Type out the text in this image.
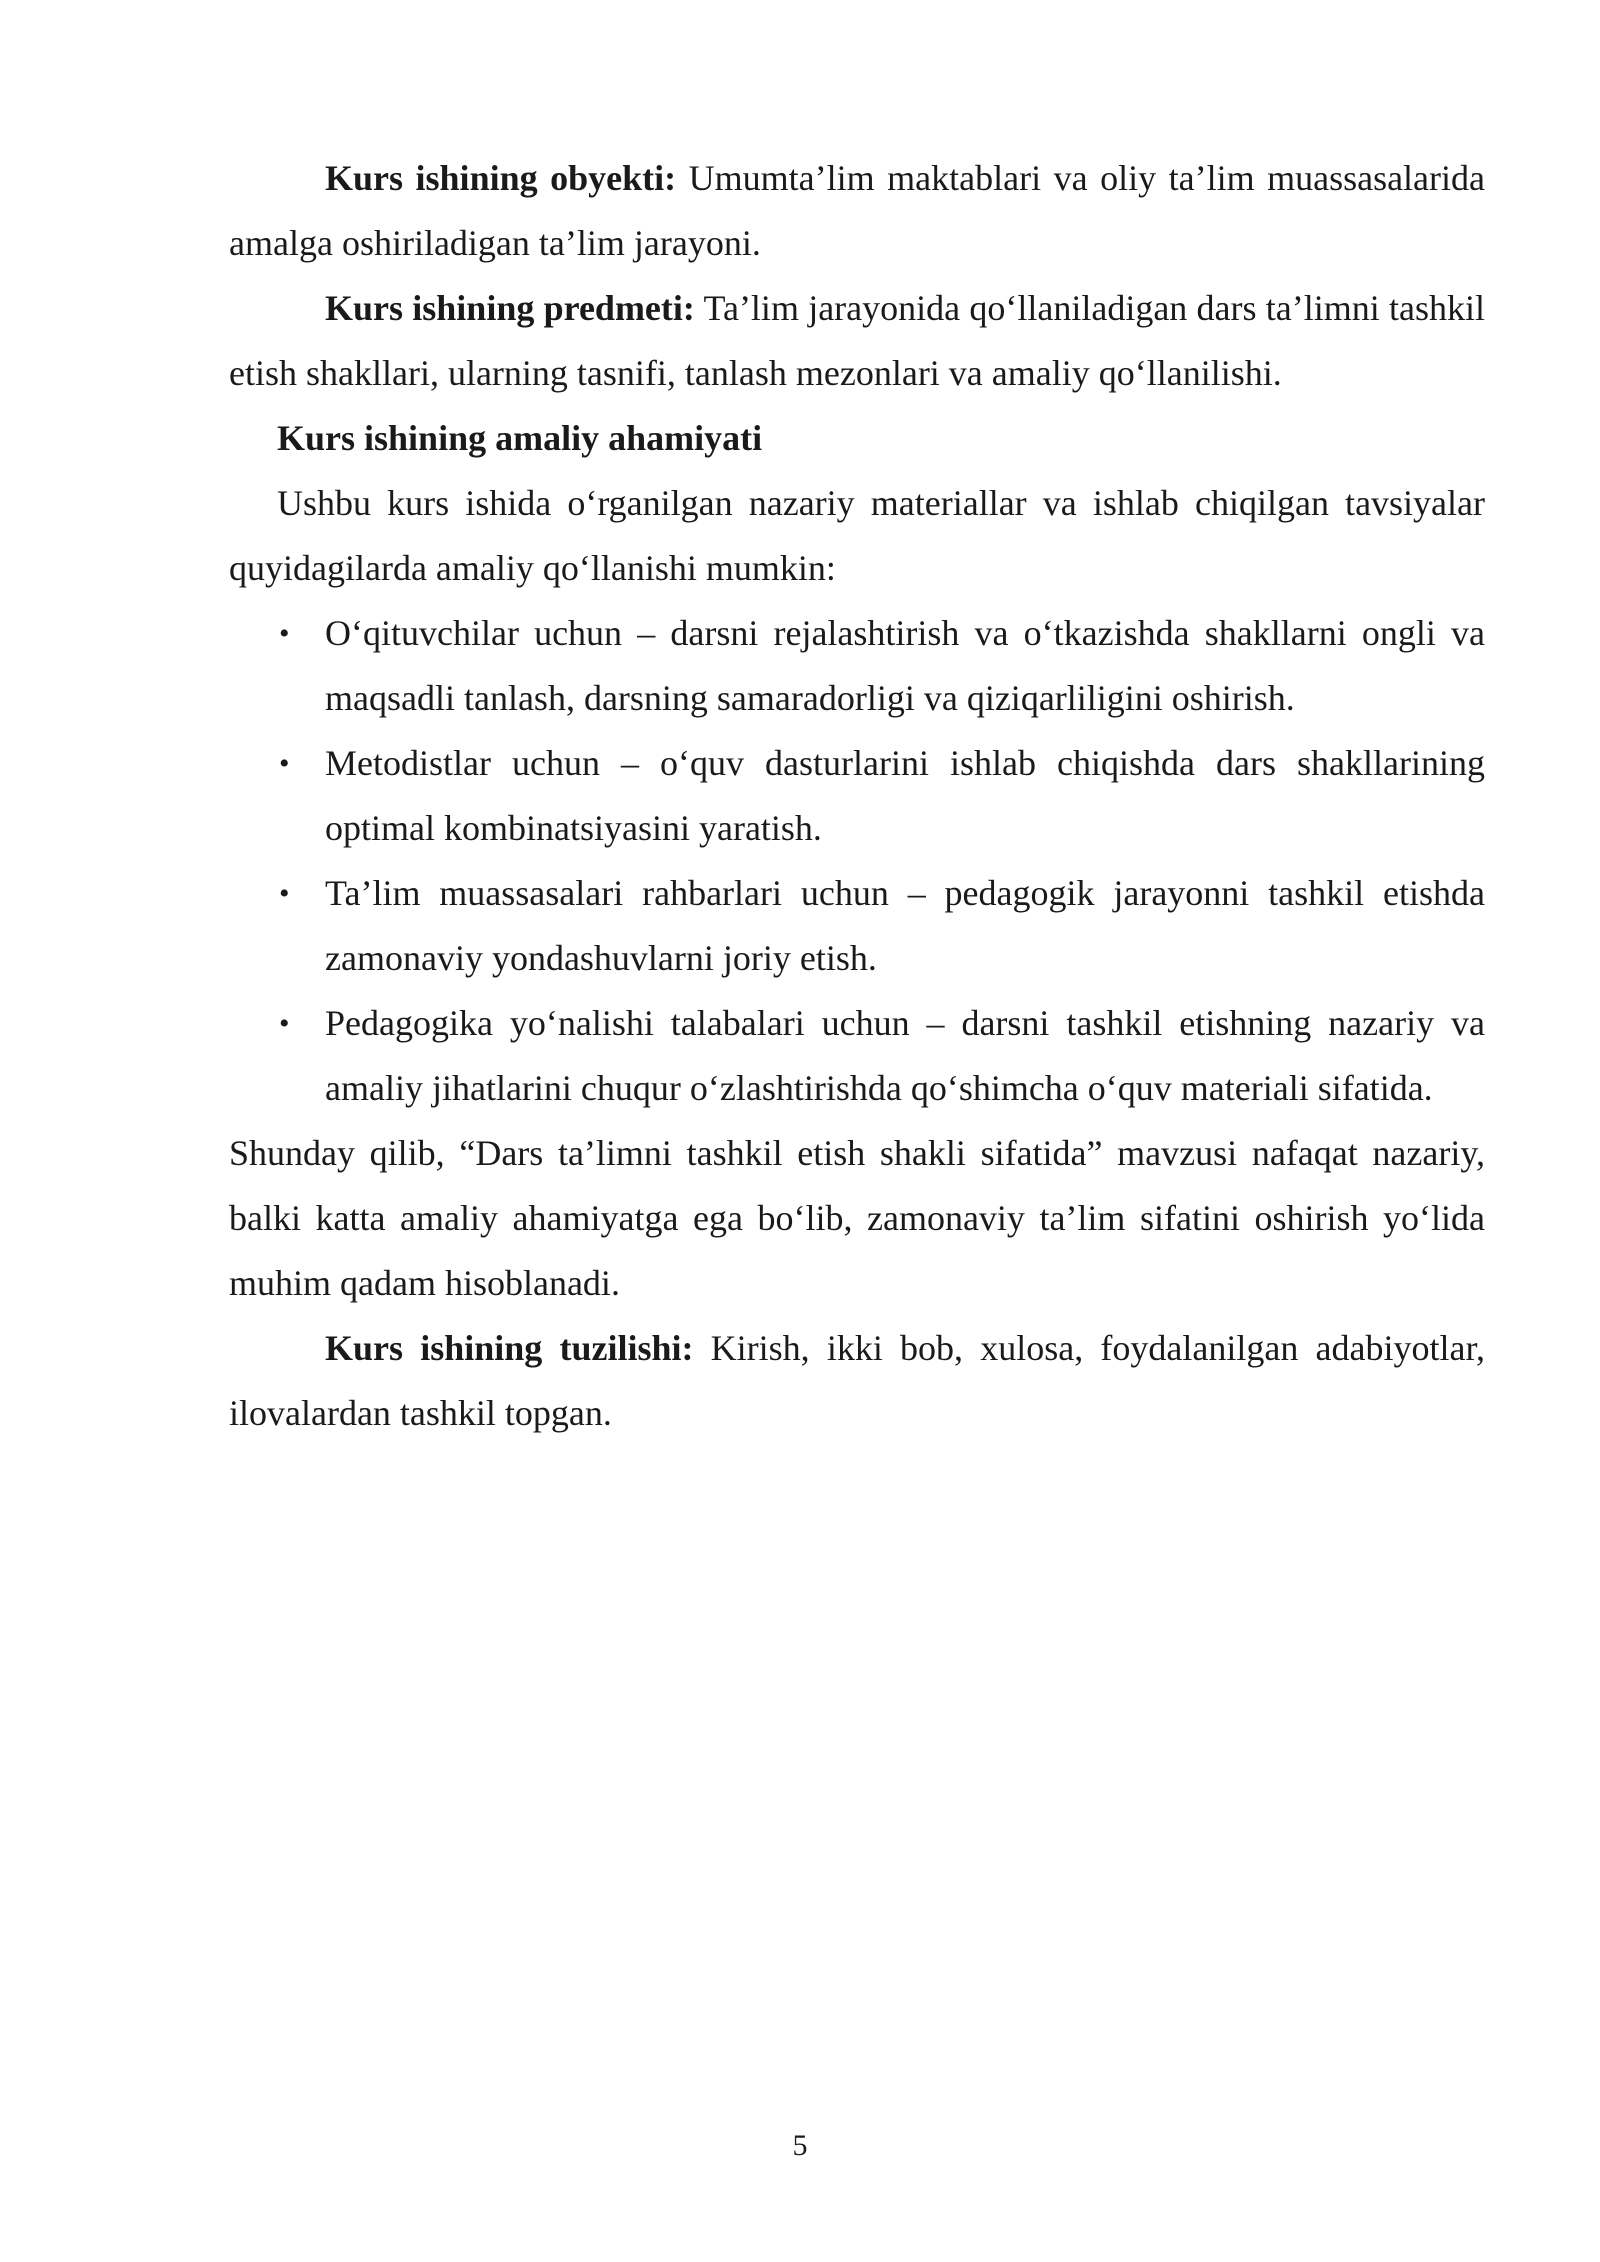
Kurs ishining obyekti: Umumta’lim maktablari va oliy ta’lim muassasalarida amalga oshiriladigan ta’lim jarayoni.

Kurs ishining predmeti: Ta’lim jarayonida qo‘llaniladigan dars ta’limni tashkil etish shakllari, ularning tasnifi, tanlash mezonlari va amaliy qo‘llanilishi.

Kurs ishining amaliy ahamiyati

Ushbu kurs ishida o‘rganilgan nazariy materiallar va ishlab chiqilgan tavsiyalar quyidagilarda amaliy qo‘llanishi mumkin:

• O‘qituvchilar uchun – darsni rejalashtirish va o‘tkazishda shakllarni ongli va maqsadli tanlash, darsning samaradorligi va qiziqarliligini oshirish.
• Metodistlar uchun – o‘quv dasturlarini ishlab chiqishda dars shakllarining optimal kombinatsiyasini yaratish.
• Ta’lim muassasalari rahbarlari uchun – pedagogik jarayonni tashkil etishda zamonaviy yondashuvlarni joriy etish.
• Pedagogika yo‘nalishi talabalari uchun – darsni tashkil etishning nazariy va amaliy jihatlarini chuqur o‘zlashtirishda qo‘shimcha o‘quv materiali sifatida.

Shunday qilib, “Dars ta’limni tashkil etish shakli sifatida” mavzusi nafaqat nazariy, balki katta amaliy ahamiyatga ega bo‘lib, zamonaviy ta’lim sifatini oshirish yo‘lida muhim qadam hisoblanadi.

Kurs ishining tuzilishi: Kirish, ikki bob, xulosa, foydalanilgan adabiyotlar, ilovalardan tashkil topgan.

5
